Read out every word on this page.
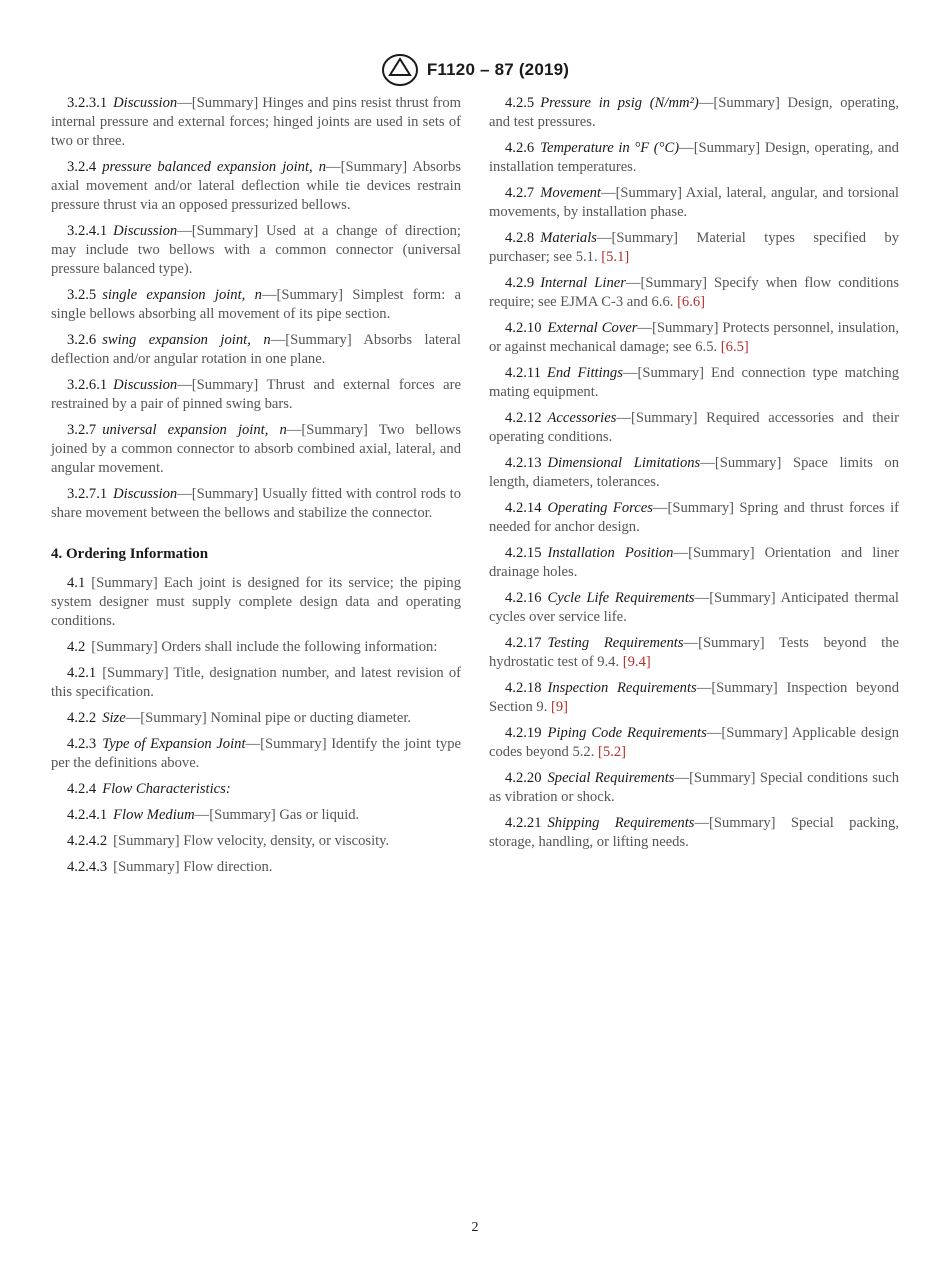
F1120 – 87 (2019)

3.2.3.1 Discussion—[Summary] Hinges and pins resist thrust from internal pressure and external forces; hinged joints are used in sets of two or three.

3.2.4 pressure balanced expansion joint, n—[Summary] Absorbs axial movement and/or lateral deflection while tie devices restrain pressure thrust via an opposed pressurized bellows.

3.2.4.1 Discussion—[Summary] Used at a change of direction; may include two bellows with a common connector (universal pressure balanced type).

3.2.5 single expansion joint, n—[Summary] Simplest form: a single bellows absorbing all movement of its pipe section.

3.2.6 swing expansion joint, n—[Summary] Absorbs lateral deflection and/or angular rotation in one plane.

3.2.6.1 Discussion—[Summary] Thrust and external forces are restrained by a pair of pinned swing bars.

3.2.7 universal expansion joint, n—[Summary] Two bellows joined by a common connector to absorb combined axial, lateral, and angular movement.

3.2.7.1 Discussion—[Summary] Usually fitted with control rods to share movement between the bellows and stabilize the connector.

4. Ordering Information

4.1 [Summary] Each joint is designed for its service; the piping system designer must supply complete design data and operating conditions.

4.2 [Summary] Orders shall include the following information:

4.2.1 [Summary] Title, designation number, and latest revision of this specification.

4.2.2 Size—[Summary] Nominal pipe or ducting diameter.

4.2.3 Type of Expansion Joint—[Summary] Identify the joint type per the definitions above.

4.2.4 Flow Characteristics:

4.2.4.1 Flow Medium—[Summary] Gas or liquid.

4.2.4.2 [Summary] Flow velocity, density, or viscosity.

4.2.4.3 [Summary] Flow direction.

4.2.5 Pressure in psig (N/mm²)—[Summary] Design, operating, and test pressures.

4.2.6 Temperature in °F (°C)—[Summary] Design, operating, and installation temperatures.

4.2.7 Movement—[Summary] Axial, lateral, angular, and torsional movements, by installation phase.

4.2.8 Materials—[Summary] Material types specified by purchaser; see 5.1. [5.1]

4.2.9 Internal Liner—[Summary] Specify when flow conditions require; see EJMA C-3 and 6.6. [6.6]

4.2.10 External Cover—[Summary] Protects personnel, insulation, or against mechanical damage; see 6.5. [6.5]

4.2.11 End Fittings—[Summary] End connection type matching mating equipment.

4.2.12 Accessories—[Summary] Required accessories and their operating conditions.

4.2.13 Dimensional Limitations—[Summary] Space limits on length, diameters, tolerances.

4.2.14 Operating Forces—[Summary] Spring and thrust forces if needed for anchor design.

4.2.15 Installation Position—[Summary] Orientation and liner drainage holes.

4.2.16 Cycle Life Requirements—[Summary] Anticipated thermal cycles over service life.

4.2.17 Testing Requirements—[Summary] Tests beyond the hydrostatic test of 9.4. [9.4]

4.2.18 Inspection Requirements—[Summary] Inspection beyond Section 9. [9]

4.2.19 Piping Code Requirements—[Summary] Applicable design codes beyond 5.2. [5.2]

4.2.20 Special Requirements—[Summary] Special conditions such as vibration or shock.

4.2.21 Shipping Requirements—[Summary] Special packing, storage, handling, or lifting needs.

2
